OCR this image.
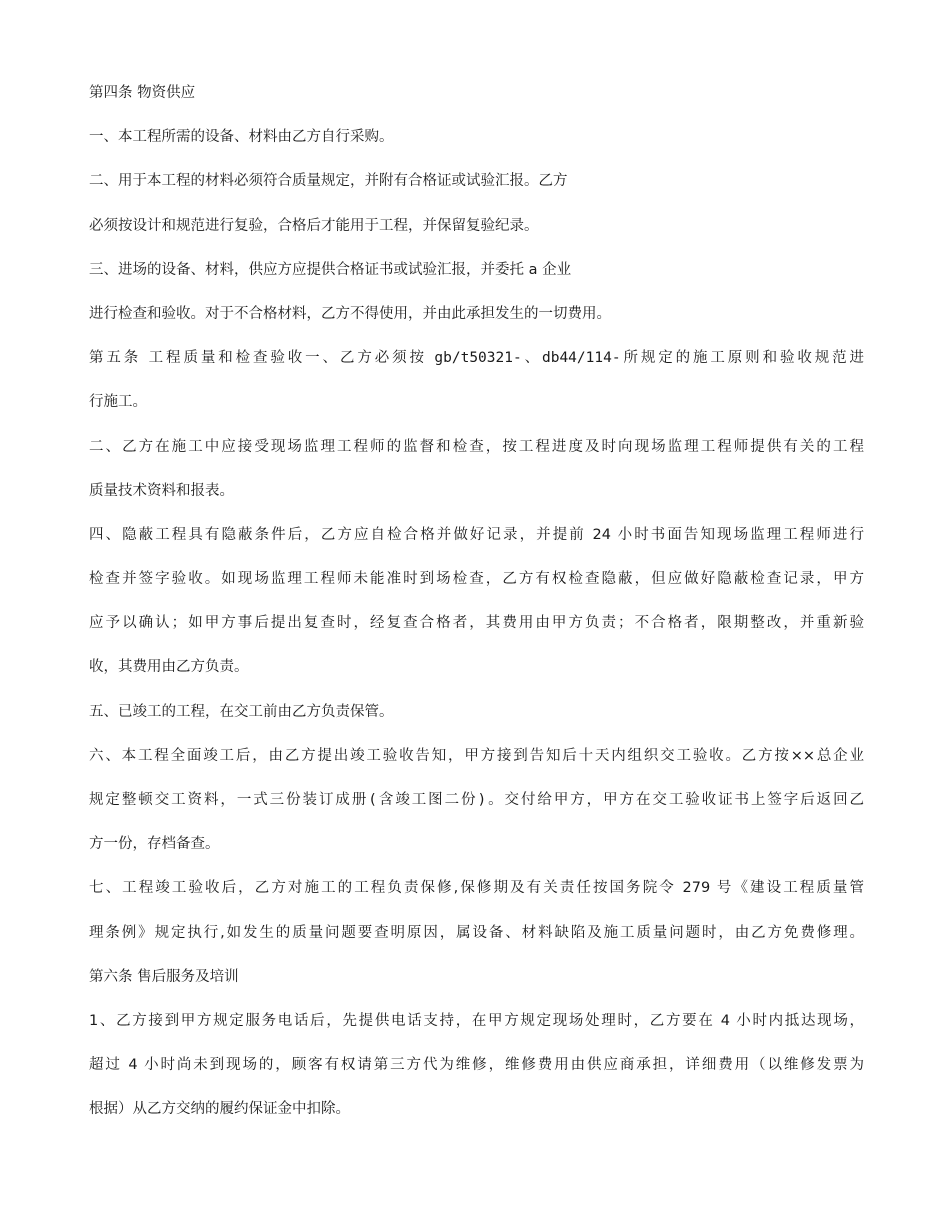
第四条 物资供应
一、本工程所需的设备、材料由乙方自行采购。
二、用于本工程的材料必须符合质量规定，并附有合格证或试验汇报。乙方
必须按设计和规范进行复验，合格后才能用于工程，并保留复验纪录。
三、进场的设备、材料，供应方应提供合格证书或试验汇报，并委托 a 企业
进行检查和验收。对于不合格材料，乙方不得使用，并由此承担发生的一切费用。
第五条 工程质量和检查验收一、乙方必须按 gb/t50321-、db44/114-所规定的施工原则和验收规范进
行施工。
二、乙方在施工中应接受现场监理工程师的监督和检查，按工程进度及时向现场监理工程师提供有关的工程
质量技术资料和报表。
四、隐蔽工程具有隐蔽条件后，乙方应自检合格并做好记录，并提前 24 小时书面告知现场监理工程师进行
检查并签字验收。如现场监理工程师未能准时到场检查，乙方有权检查隐蔽，但应做好隐蔽检查记录，甲方
应予以确认；如甲方事后提出复查时，经复查合格者，其费用由甲方负责；不合格者，限期整改，并重新验
收，其费用由乙方负责。
五、已竣工的工程，在交工前由乙方负责保管。
六、本工程全面竣工后，由乙方提出竣工验收告知，甲方接到告知后十天内组织交工验收。乙方按××总企业
规定整顿交工资料，一式三份装订成册(含竣工图二份)。交付给甲方，甲方在交工验收证书上签字后返回乙
方一份，存档备查。
七、工程竣工验收后，乙方对施工的工程负责保修,保修期及有关责任按国务院令 279 号《建设工程质量管
理条例》规定执行,如发生的质量问题要查明原因，属设备、材料缺陷及施工质量问题时，由乙方免费修理。
第六条 售后服务及培训
1、乙方接到甲方规定服务电话后，先提供电话支持，在甲方规定现场处理时，乙方要在 4 小时内抵达现场，
超过 4 小时尚未到现场的，顾客有权请第三方代为维修，维修费用由供应商承担，详细费用（以维修发票为
根据）从乙方交纳的履约保证金中扣除。
